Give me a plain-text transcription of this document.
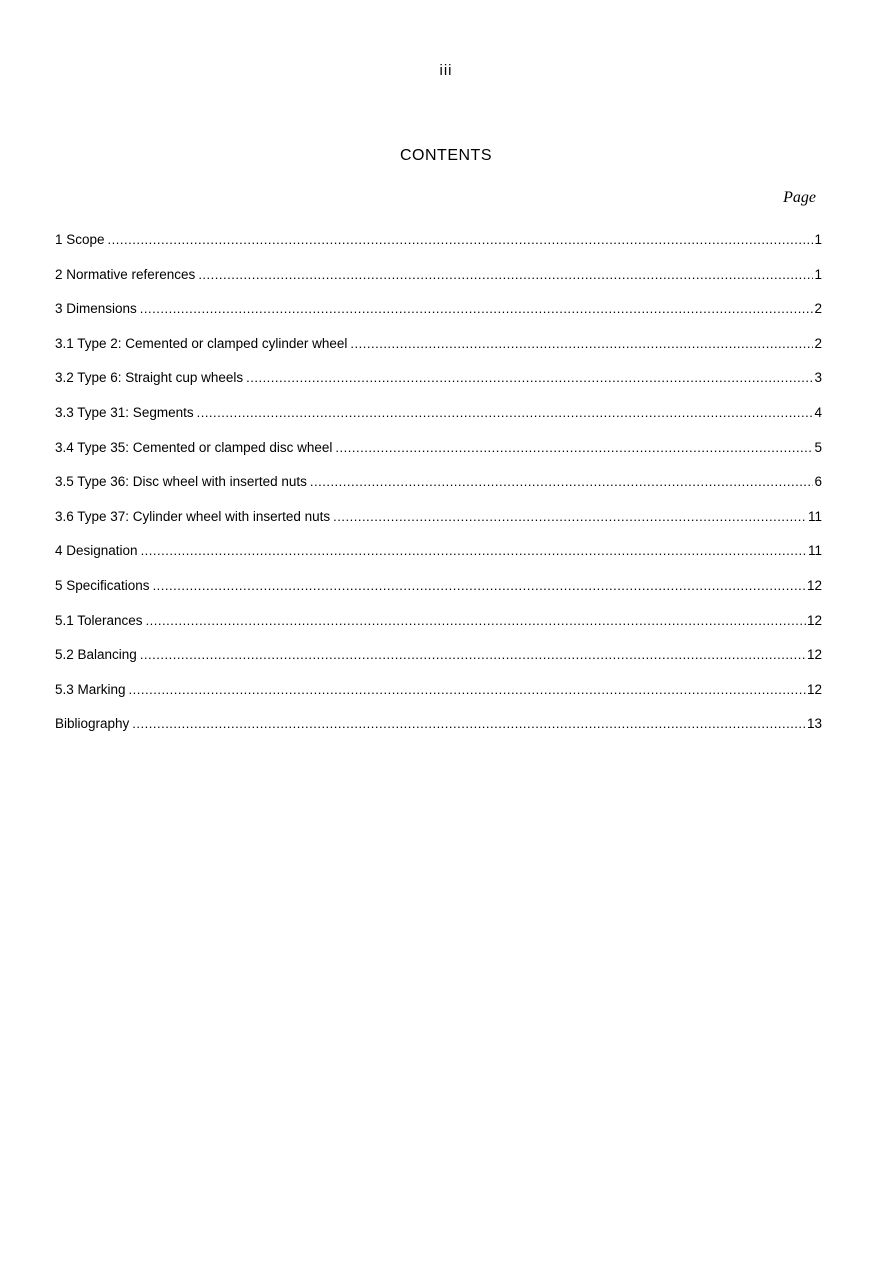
iii
CONTENTS
Page
1 Scope .....	1
2 Normative references .....	1
3 Dimensions .....	2
3.1 Type 2: Cemented or clamped cylinder wheel .....	2
3.2 Type 6: Straight cup wheels .....	3
3.3 Type 31: Segments .....	4
3.4 Type 35: Cemented or clamped disc wheel .....	5
3.5 Type 36: Disc wheel with inserted nuts .....	6
3.6 Type 37: Cylinder wheel with inserted nuts .....	11
4 Designation .....	11
5 Specifications .....	12
5.1 Tolerances .....	12
5.2 Balancing .....	12
5.3 Marking .....	12
Bibliography .....	13
